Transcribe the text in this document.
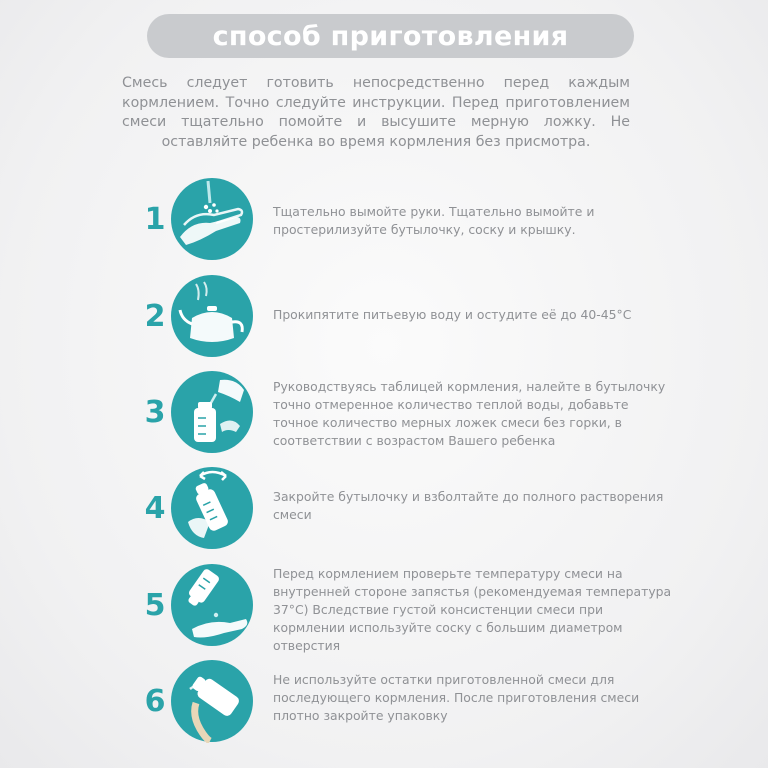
способ приготовления
Смесь следует готовить непосредственно перед каждым кормлением. Точно следуйте инструкции. Перед приготовлением смеси тщательно помойте и высушите мерную ложку. Не оставляйте ребенка во время кормления без присмотра.
1	Тщательно вымойте руки. Тщательно вымойте и простерилизуйте бутылочку, соску и крышку.
2	Прокипятите питьевую воду и остудите её до 40-45°С
3
Руководствуясь таблицей кормления, налейте в бутылочку точно отмеренное количество теплой воды, добавьте точное количество мерных ложек смеси без горки, в соответствии с возрастом Вашего ребенка
4	Закройте бутылочку и взболтайте до полного растворения смеси
5
Перед кормлением проверьте температуру смеси на внутренней стороне запястья (рекомендуемая температура 37°С) Вследствие густой консистенции смеси при кормлении используйте соску с большим диаметром отверстия
6
Не используйте остатки приготовленной смеси для последующего кормления. После приготовления смеси плотно закройте упаковку
